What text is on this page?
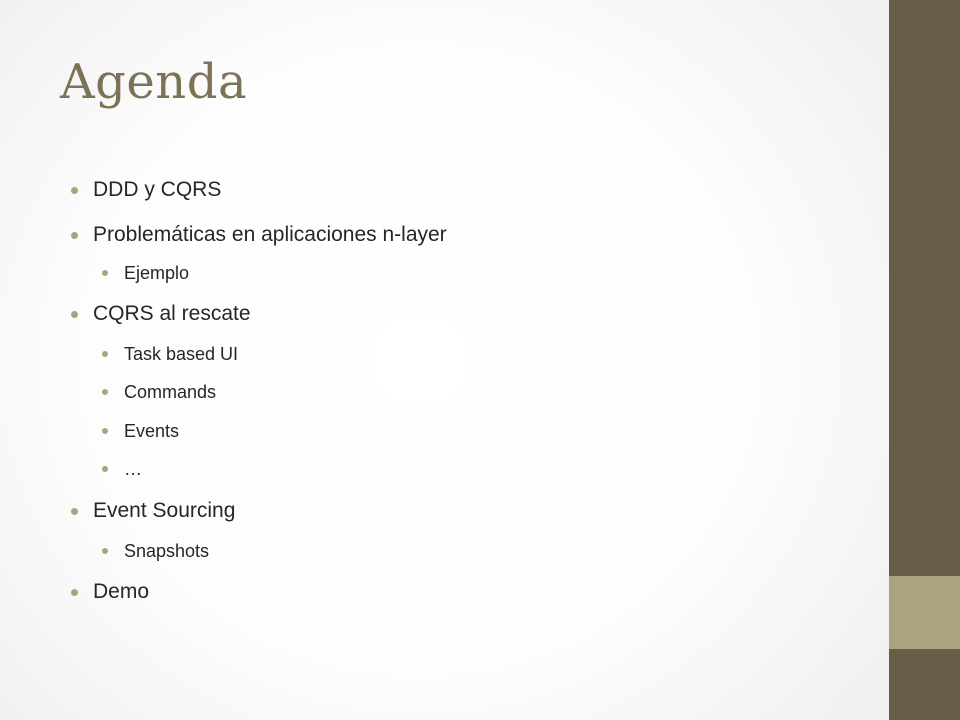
Agenda
DDD y CQRS
Problemáticas en aplicaciones n-layer
Ejemplo
CQRS al rescate
Task based UI
Commands
Events
…
Event Sourcing
Snapshots
Demo
